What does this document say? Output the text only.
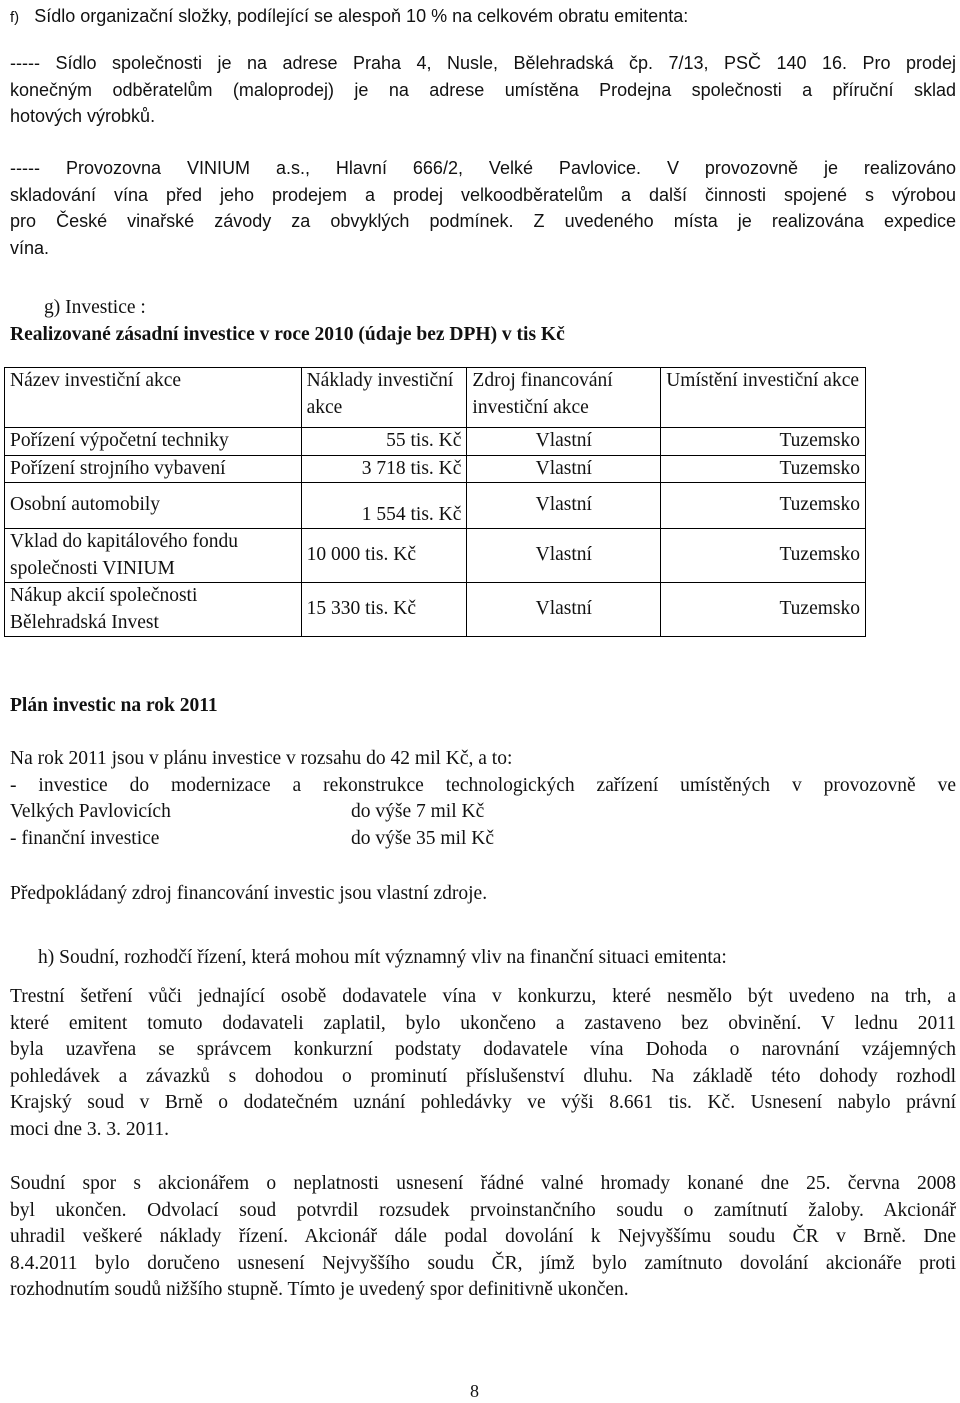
f) Sídlo organizační složky, podílející se alespoň 10 % na celkovém obratu emitenta:
----- Sídlo společnosti je na adrese Praha 4, Nusle, Bělehradská čp. 7/13, PSČ 140 16. Pro prodej
konečným odběratelům (maloprodej) je na adrese umístěna Prodejna společnosti a příruční sklad
hotových výrobků.
----- Provozovna VINIUM a.s., Hlavní 666/2, Velké Pavlovice. V provozovně je realizováno
skladování vína před jeho prodejem a prodej velkoodběratelům a další činnosti spojené s výrobou
pro České vinařské závody za obvyklých podmínek. Z uvedeného místa je realizována expedice
vína.
g) Investice :
Realizované zásadní investice v roce 2010 (údaje bez DPH) v tis Kč
Název investiční akce	Náklady investiční akce	Zdroj financování investiční akce	Umístění investiční akce
Pořízení výpočetní techniky	55 tis. Kč	Vlastní	Tuzemsko
Pořízení strojního vybavení	3 718 tis. Kč	Vlastní	Tuzemsko
Osobní automobily	1 554 tis. Kč	Vlastní	Tuzemsko
Vklad do kapitálového fondu společnosti VINIUM	10 000 tis. Kč	Vlastní	Tuzemsko
Nákup akcií společnosti Bělehradská Invest	15 330 tis. Kč	Vlastní	Tuzemsko
Plán investic na rok 2011
Na rok 2011 jsou v plánu investice v rozsahu do 42 mil Kč, a to:
- investice do modernizace a rekonstrukce technologických zařízení umístěných v provozovně ve
Velkých Pavlovicích	do výše 7 mil Kč
- finanční investice	do výše 35 mil Kč
Předpokládaný zdroj financování investic jsou vlastní zdroje.
h) Soudní, rozhodčí řízení, která mohou mít významný vliv na finanční situaci emitenta:
Trestní šetření vůči jednající osobě dodavatele vína v konkurzu, které nesmělo být uvedeno na trh, a
které emitent tomuto dodavateli zaplatil, bylo ukončeno a zastaveno bez obvinění. V lednu 2011
byla uzavřena se správcem konkurzní podstaty dodavatele vína Dohoda o narovnání vzájemných
pohledávek a závazků s dohodou o prominutí příslušenství dluhu. Na základě této dohody rozhodl
Krajský soud v Brně o dodatečném uznání pohledávky ve výši 8.661 tis. Kč. Usnesení nabylo právní
moci dne 3. 3. 2011.
Soudní spor s akcionářem o neplatnosti usnesení řádné valné hromady konané dne 25. června 2008
byl ukončen. Odvolací soud potvrdil rozsudek prvoinstančního soudu o zamítnutí žaloby. Akcionář
uhradil veškeré náklady řízení. Akcionář dále podal dovolání k Nejvyššímu soudu ČR v Brně. Dne
8.4.2011 bylo doručeno usnesení Nejvyššího soudu ČR, jímž bylo zamítnuto dovolání akcionáře proti
rozhodnutím soudů nižšího stupně. Tímto je uvedený spor definitivně ukončen.
8
